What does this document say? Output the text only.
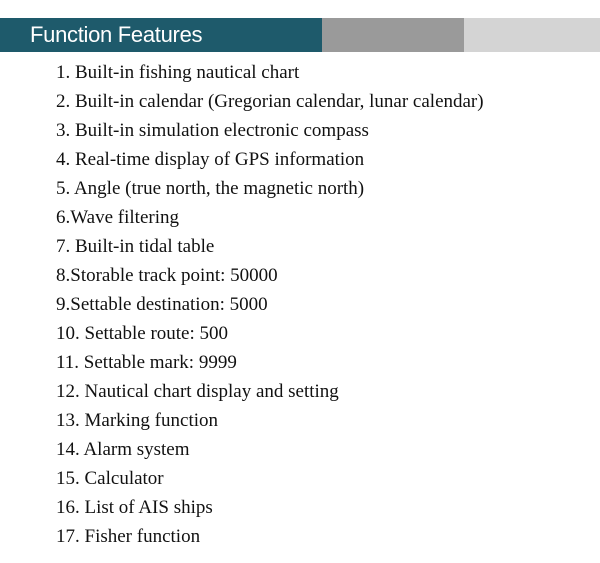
Function Features
1. Built-in fishing nautical chart
2. Built-in calendar (Gregorian calendar, lunar calendar)
3. Built-in simulation electronic compass
4. Real-time display of GPS information
5. Angle (true north, the magnetic north)
6.Wave filtering
7. Built-in tidal table
8.Storable track point: 50000
9.Settable destination: 5000
10. Settable route: 500
11. Settable mark: 9999
12. Nautical chart display and setting
13. Marking function
14. Alarm system
15. Calculator
16. List of AIS ships
17. Fisher function
